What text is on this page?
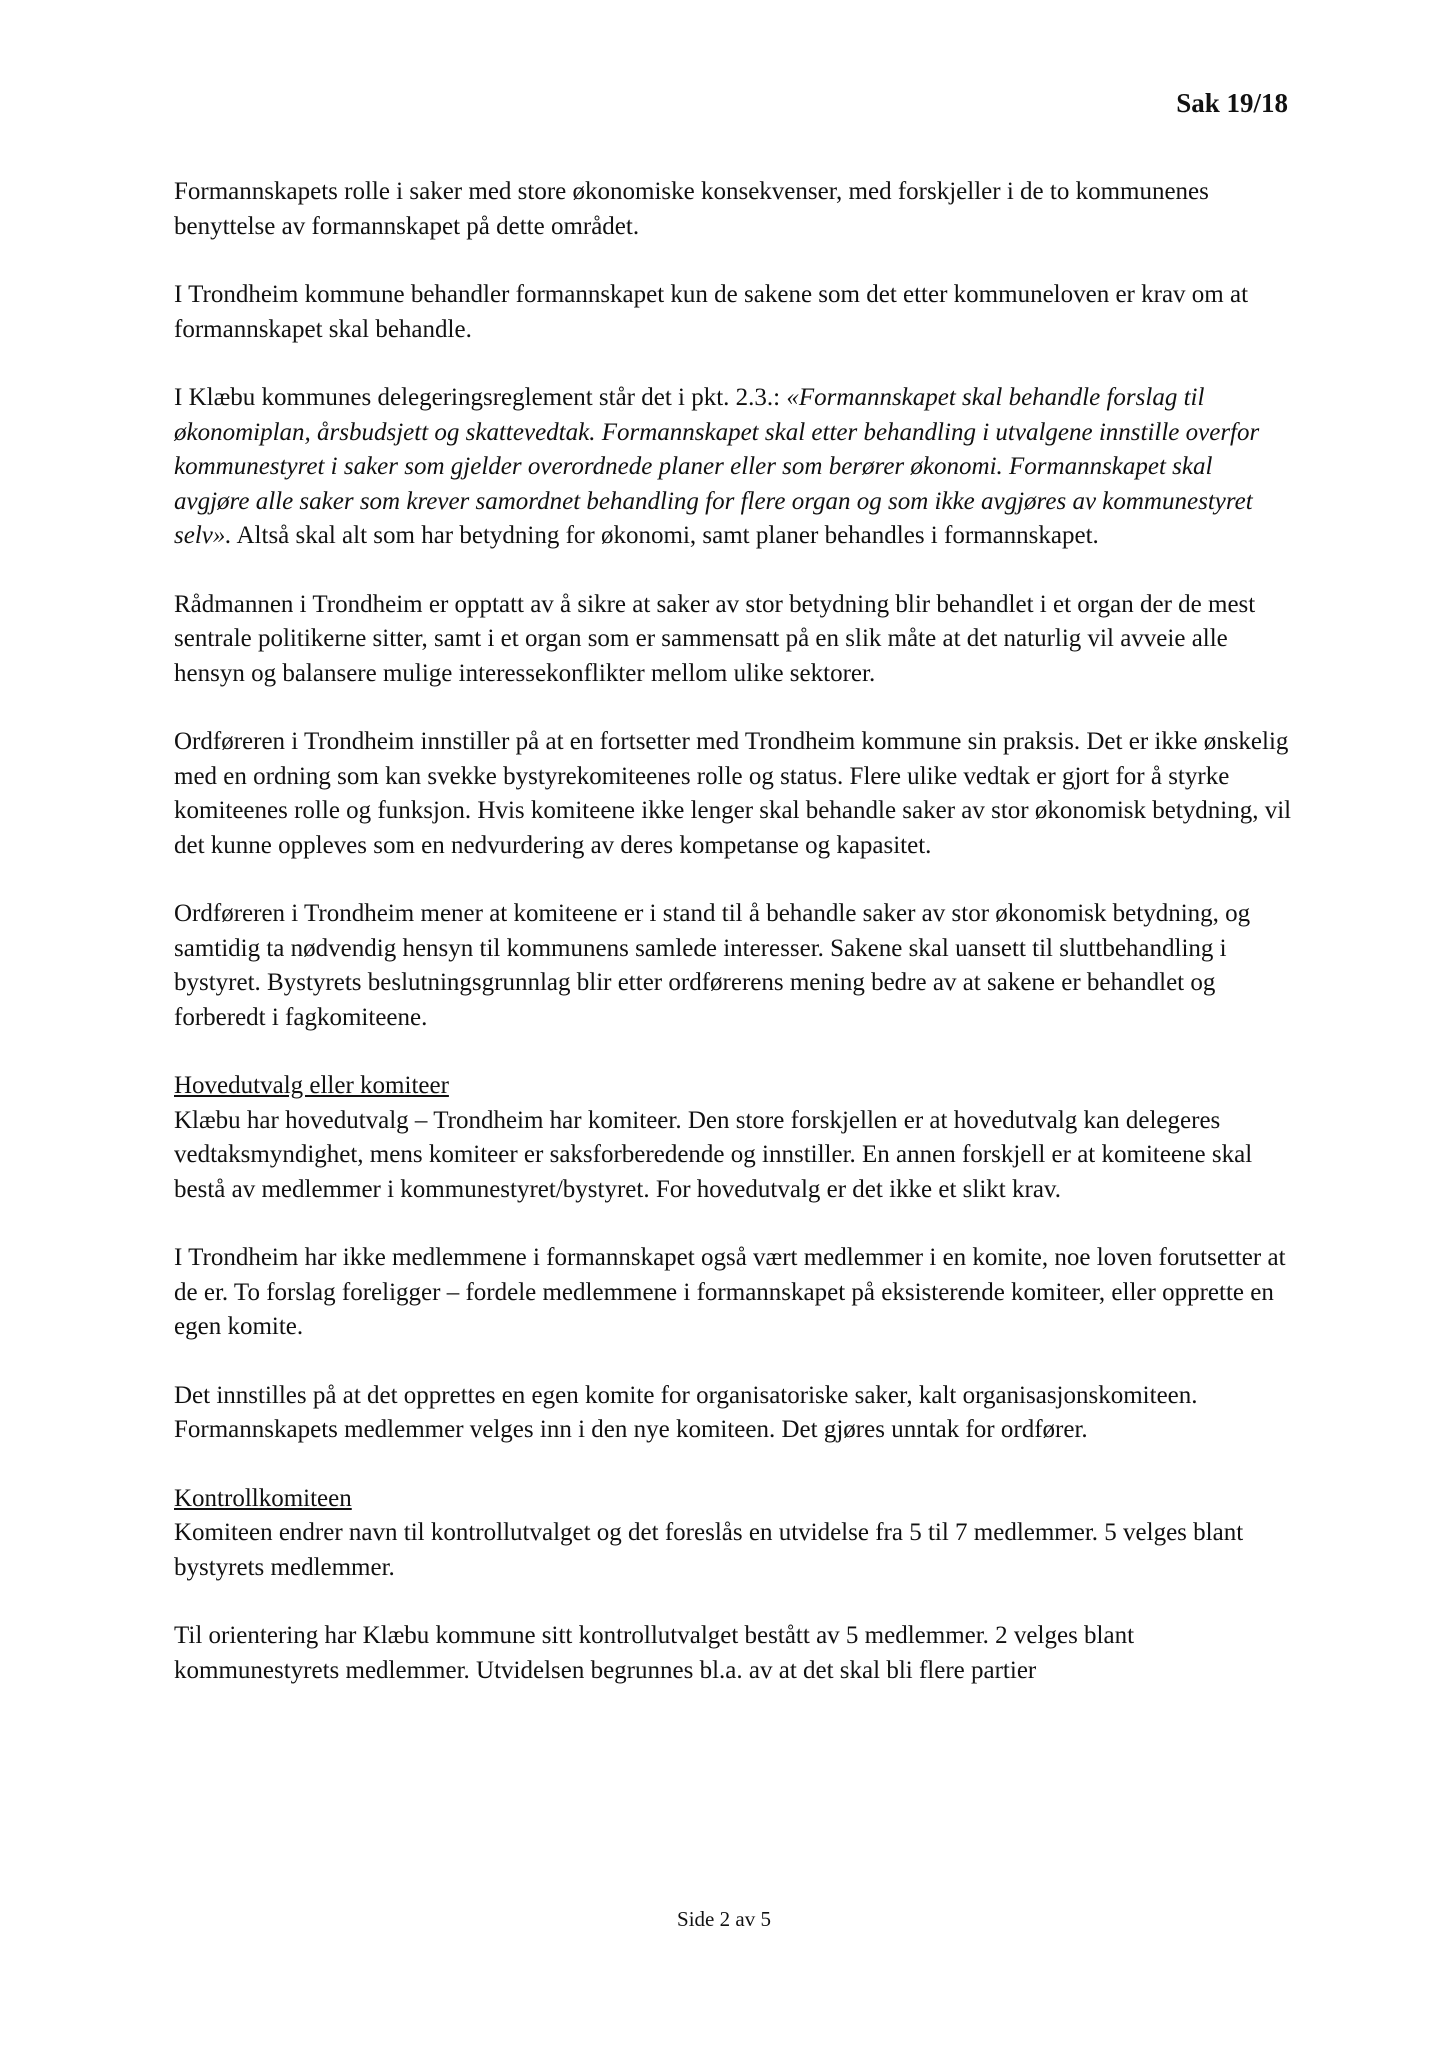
Sak 19/18

Formannskapets rolle i saker med store økonomiske konsekvenser, med forskjeller i de to kommunenes benyttelse av formannskapet på dette området.

I Trondheim kommune behandler formannskapet kun de sakene som det etter kommuneloven er krav om at formannskapet skal behandle.

I Klæbu kommunes delegeringsreglement står det i pkt. 2.3.: «Formannskapet skal behandle forslag til økonomiplan, årsbudsjett og skattevedtak. Formannskapet skal etter behandling i utvalgene innstille overfor kommunestyret i saker som gjelder overordnede planer eller som berører økonomi. Formannskapet skal avgjøre alle saker som krever samordnet behandling for flere organ og som ikke avgjøres av kommunestyret selv». Altså skal alt som har betydning for økonomi, samt planer behandles i formannskapet.

Rådmannen i Trondheim er opptatt av å sikre at saker av stor betydning blir behandlet i et organ der de mest sentrale politikerne sitter, samt i et organ som er sammensatt på en slik måte at det naturlig vil avveie alle hensyn og balansere mulige interessekonflikter mellom ulike sektorer.

Ordføreren i Trondheim innstiller på at en fortsetter med Trondheim kommune sin praksis. Det er ikke ønskelig med en ordning som kan svekke bystyrekomiteenes rolle og status. Flere ulike vedtak er gjort for å styrke komiteenes rolle og funksjon. Hvis komiteene ikke lenger skal behandle saker av stor økonomisk betydning, vil det kunne oppleves som en nedvurdering av deres kompetanse og kapasitet.

Ordføreren i Trondheim mener at komiteene er i stand til å behandle saker av stor økonomisk betydning, og samtidig ta nødvendig hensyn til kommunens samlede interesser. Sakene skal uansett til sluttbehandling i bystyret. Bystyrets beslutningsgrunnlag blir etter ordførerens mening bedre av at sakene er behandlet og forberedt i fagkomiteene.

Hovedutvalg eller komiteer
Klæbu har hovedutvalg – Trondheim har komiteer. Den store forskjellen er at hovedutvalg kan delegeres vedtaksmyndighet, mens komiteer er saksforberedende og innstiller. En annen forskjell er at komiteene skal bestå av medlemmer i kommunestyret/bystyret. For hovedutvalg er det ikke et slikt krav.

I Trondheim har ikke medlemmene i formannskapet også vært medlemmer i en komite, noe loven forutsetter at de er. To forslag foreligger – fordele medlemmene i formannskapet på eksisterende komiteer, eller opprette en egen komite.

Det innstilles på at det opprettes en egen komite for organisatoriske saker, kalt organisasjonskomiteen. Formannskapets medlemmer velges inn i den nye komiteen. Det gjøres unntak for ordfører.

Kontrollkomiteen
Komiteen endrer navn til kontrollutvalget og det foreslås en utvidelse fra 5 til 7 medlemmer. 5 velges blant bystyrets medlemmer.

Til orientering har Klæbu kommune sitt kontrollutvalget bestått av 5 medlemmer. 2 velges blant kommunestyrets medlemmer. Utvidelsen begrunnes bl.a. av at det skal bli flere partier

Side 2 av 5
